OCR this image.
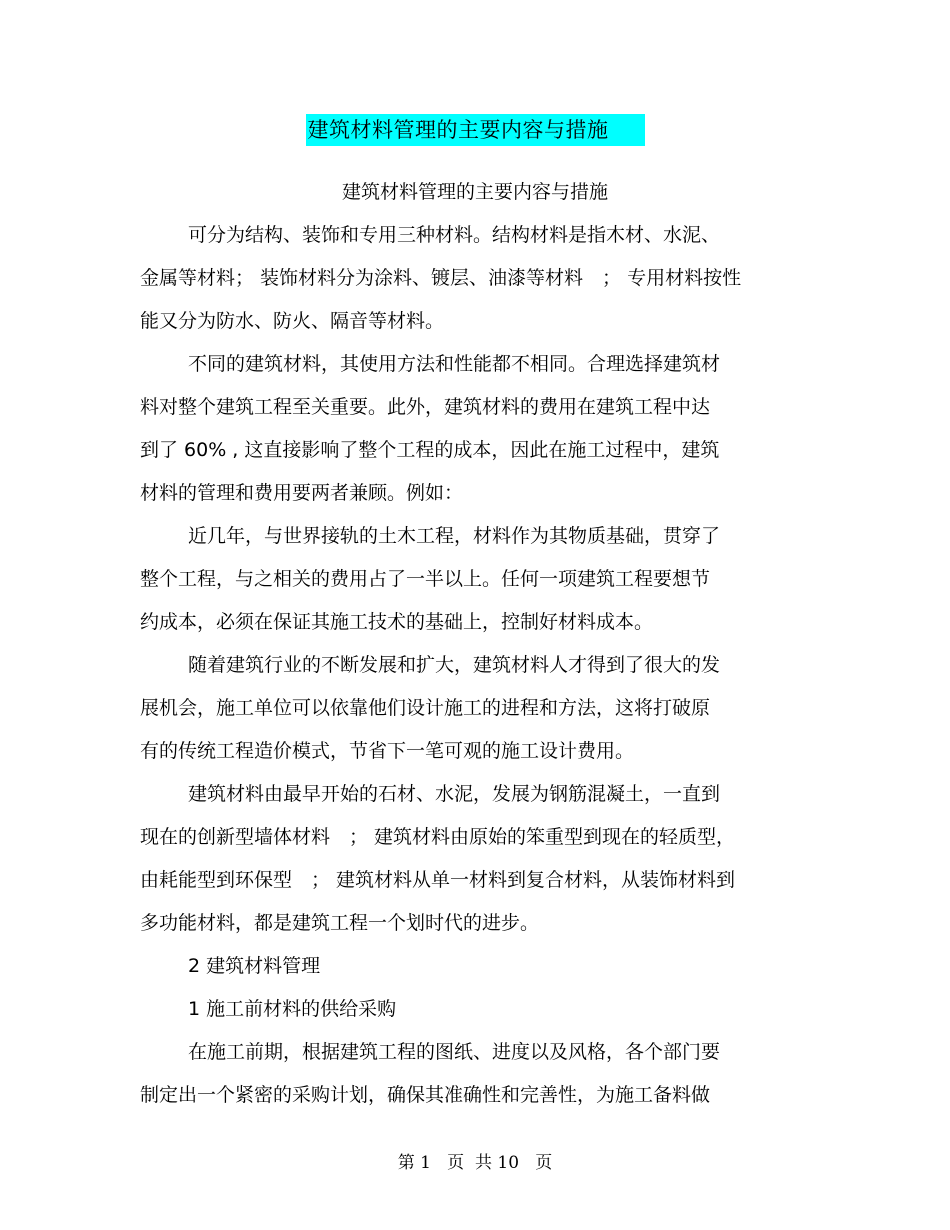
建筑材料管理的主要内容与措施
建筑材料管理的主要内容与措施
可分为结构、装饰和专用三种材料。结构材料是指木材、水泥、
金属等材料； 装饰材料分为涂料、镀层、油漆等材料　； 专用材料按性
能又分为防水、防火、隔音等材料。
不同的建筑材料，其使用方法和性能都不相同。合理选择建筑材
料对整个建筑工程至关重要。此外，建筑材料的费用在建筑工程中达
到了 60% , 这直接影响了整个工程的成本，因此在施工过程中，建筑
材料的管理和费用要两者兼顾。例如：
近几年，与世界接轨的土木工程，材料作为其物质基础，贯穿了
整个工程，与之相关的费用占了一半以上。任何一项建筑工程要想节
约成本，必须在保证其施工技术的基础上，控制好材料成本。
随着建筑行业的不断发展和扩大，建筑材料人才得到了很大的发
展机会，施工单位可以依靠他们设计施工的进程和方法，这将打破原
有的传统工程造价模式，节省下一笔可观的施工设计费用。
建筑材料由最早开始的石材、水泥，发展为钢筋混凝土，一直到
现在的创新型墙体材料　； 建筑材料由原始的笨重型到现在的轻质型，
由耗能型到环保型　； 建筑材料从单一材料到复合材料，从装饰材料到
多功能材料，都是建筑工程一个划时代的进步。
2 建筑材料管理
1 施工前材料的供给采购
在施工前期，根据建筑工程的图纸、进度以及风格，各个部门要
制定出一个紧密的采购计划，确保其准确性和完善性，为施工备料做
第 1   页  共 10   页
